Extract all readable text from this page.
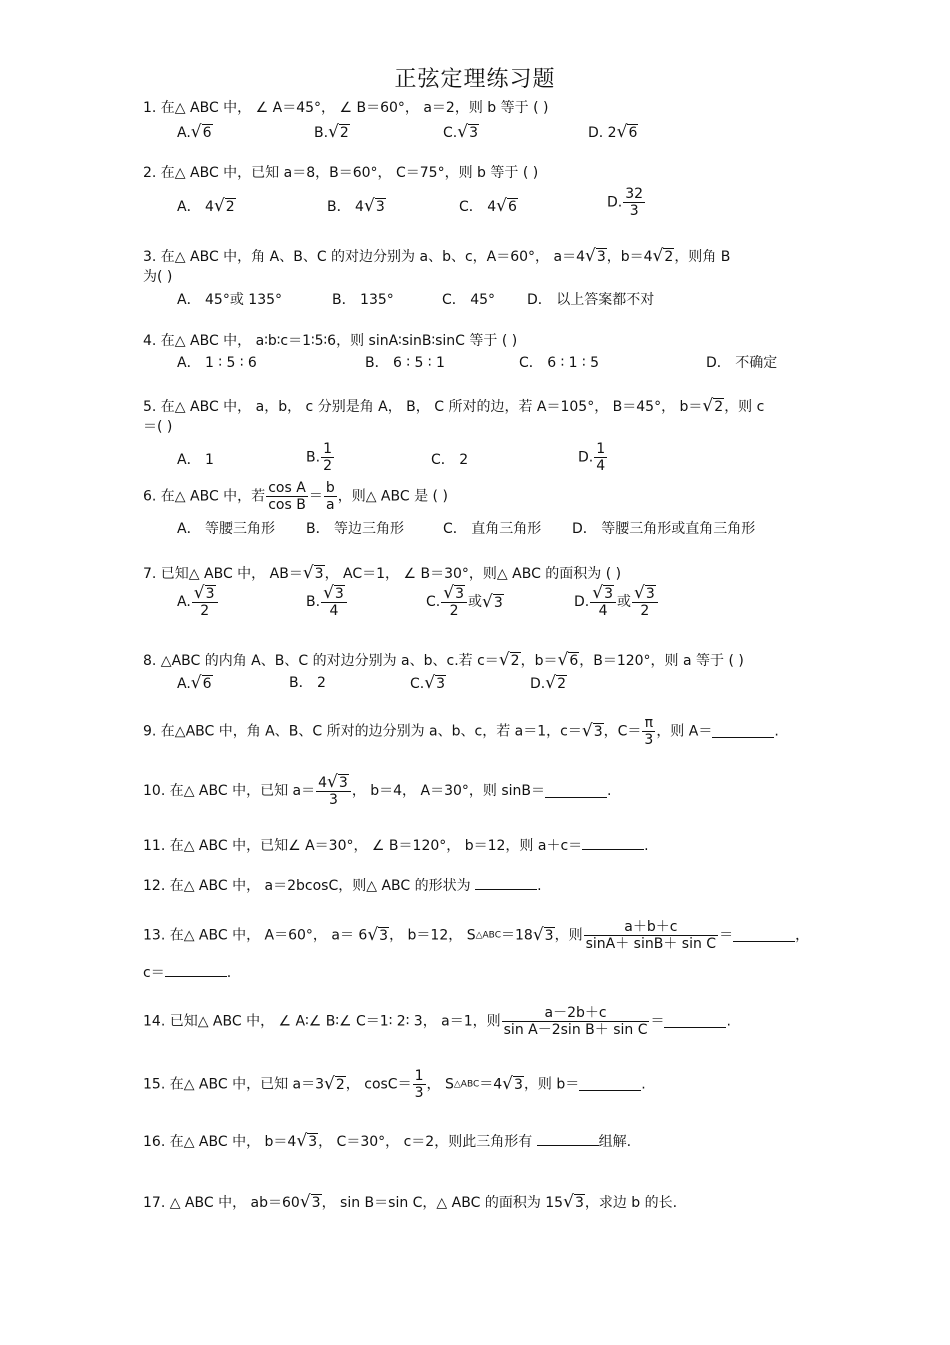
正弦定理练习题
1. 在△ ABC 中， ∠ A＝45°， ∠ B＝60°， a＝2，则 b 等于 ( )
A.√6	B.√2	C.√3	D. 2√6
2. 在△ ABC 中，已知 a＝8，B＝60°， C＝75°，则 b 等于 ( )
A． 4√2	B． 4√3	C． 4√6	D. $\frac{32}{3}$
3. 在△ ABC 中，角 A、B、C 的对边分别为 a、b、c，A＝60°， a＝4√3，b＝4√2，则角 B
为( )
A． 45°或 135°	B． 135°	C． 45° D． 以上答案都不对
4. 在△ ABC 中， a∶b∶c＝1∶5∶6，则 sinA∶sinB∶sinC 等于 ( )
A． 1 ∶ 5 ∶ 6	B． 6 ∶ 5 ∶ 1	C． 6 ∶ 1 ∶ 5	D． 不确定
5. 在△ ABC 中， a，b， c 分别是角 A， B， C 所对的边，若 A＝105°， B＝45°， b＝√2，则 c
＝( )
A． 1	B. $\frac{1}{2}$	C． 2	D. $\frac{1}{4}$
6. 在△ ABC 中，若 $\frac{\text{cos A}}{\text{cos B}} = \frac{b}{a}$ ，则△ ABC 是 ( )
A． 等腰三角形 B． 等边三角形	C． 直角三角形 D． 等腰三角形或直角三角形
7. 已知△ ABC 中， AB＝√3， AC＝1， ∠ B＝30°，则△ ABC 的面积为 ( )
A. $\frac{√3}{2}$	B. $\frac{√3}{4}$	C. $\frac{√3}{2}$ 或√3	D. $\frac{√3}{4}$ 或 $\frac{√3}{2}$
8. △ABC 的内角 A、B、C 的对边分别为 a、b、c.若 c＝√2，b＝√6，B＝120°，则 a 等于 ( )
A.√6	B． 2	C.√3	D.√2
9. 在△ABC 中，角 A、B、C 所对的边分别为 a、b、c，若 a＝1，c＝√3，$C= \frac{\pi}{3}$ ，则 A＝	.
10. 在△ ABC 中，已知 $a= \frac{4√3}{3}$ ， b＝4， A＝30°，则 sinB＝	.
11. 在△ ABC 中，已知∠ A＝30°， ∠ B＝120°， b＝12，则 a＋c＝	.
12. 在△ ABC 中， a＝2bcosC，则△ ABC 的形状为	.
13. 在△ ABC 中， A＝60°， a＝ 6√3， b＝12， S△ABC＝18√3，则 $\frac{a+b+c}{\text{sinA＋ sinB＋ sin C}}$ ＝	，
c＝	.
14. 已知△ ABC 中， ∠ A∶∠ B∶∠ C＝1∶ 2∶ 3， a＝1，则 $\frac{a-2b+c}{\text{sin A－2sin B＋ sin C}}$ ＝	.
15. 在△ ABC 中，已知 a＝3√2， $\cos C= \frac{1}{3}$ ， S△ABC＝4√3，则 b＝	.
16. 在△ ABC 中， b＝4√3， C＝30°， c＝2，则此三角形有	组解.
17. △ ABC 中， ab＝60√3， sin B＝sin C，△ ABC 的面积为 15√3，求边 b 的长.
